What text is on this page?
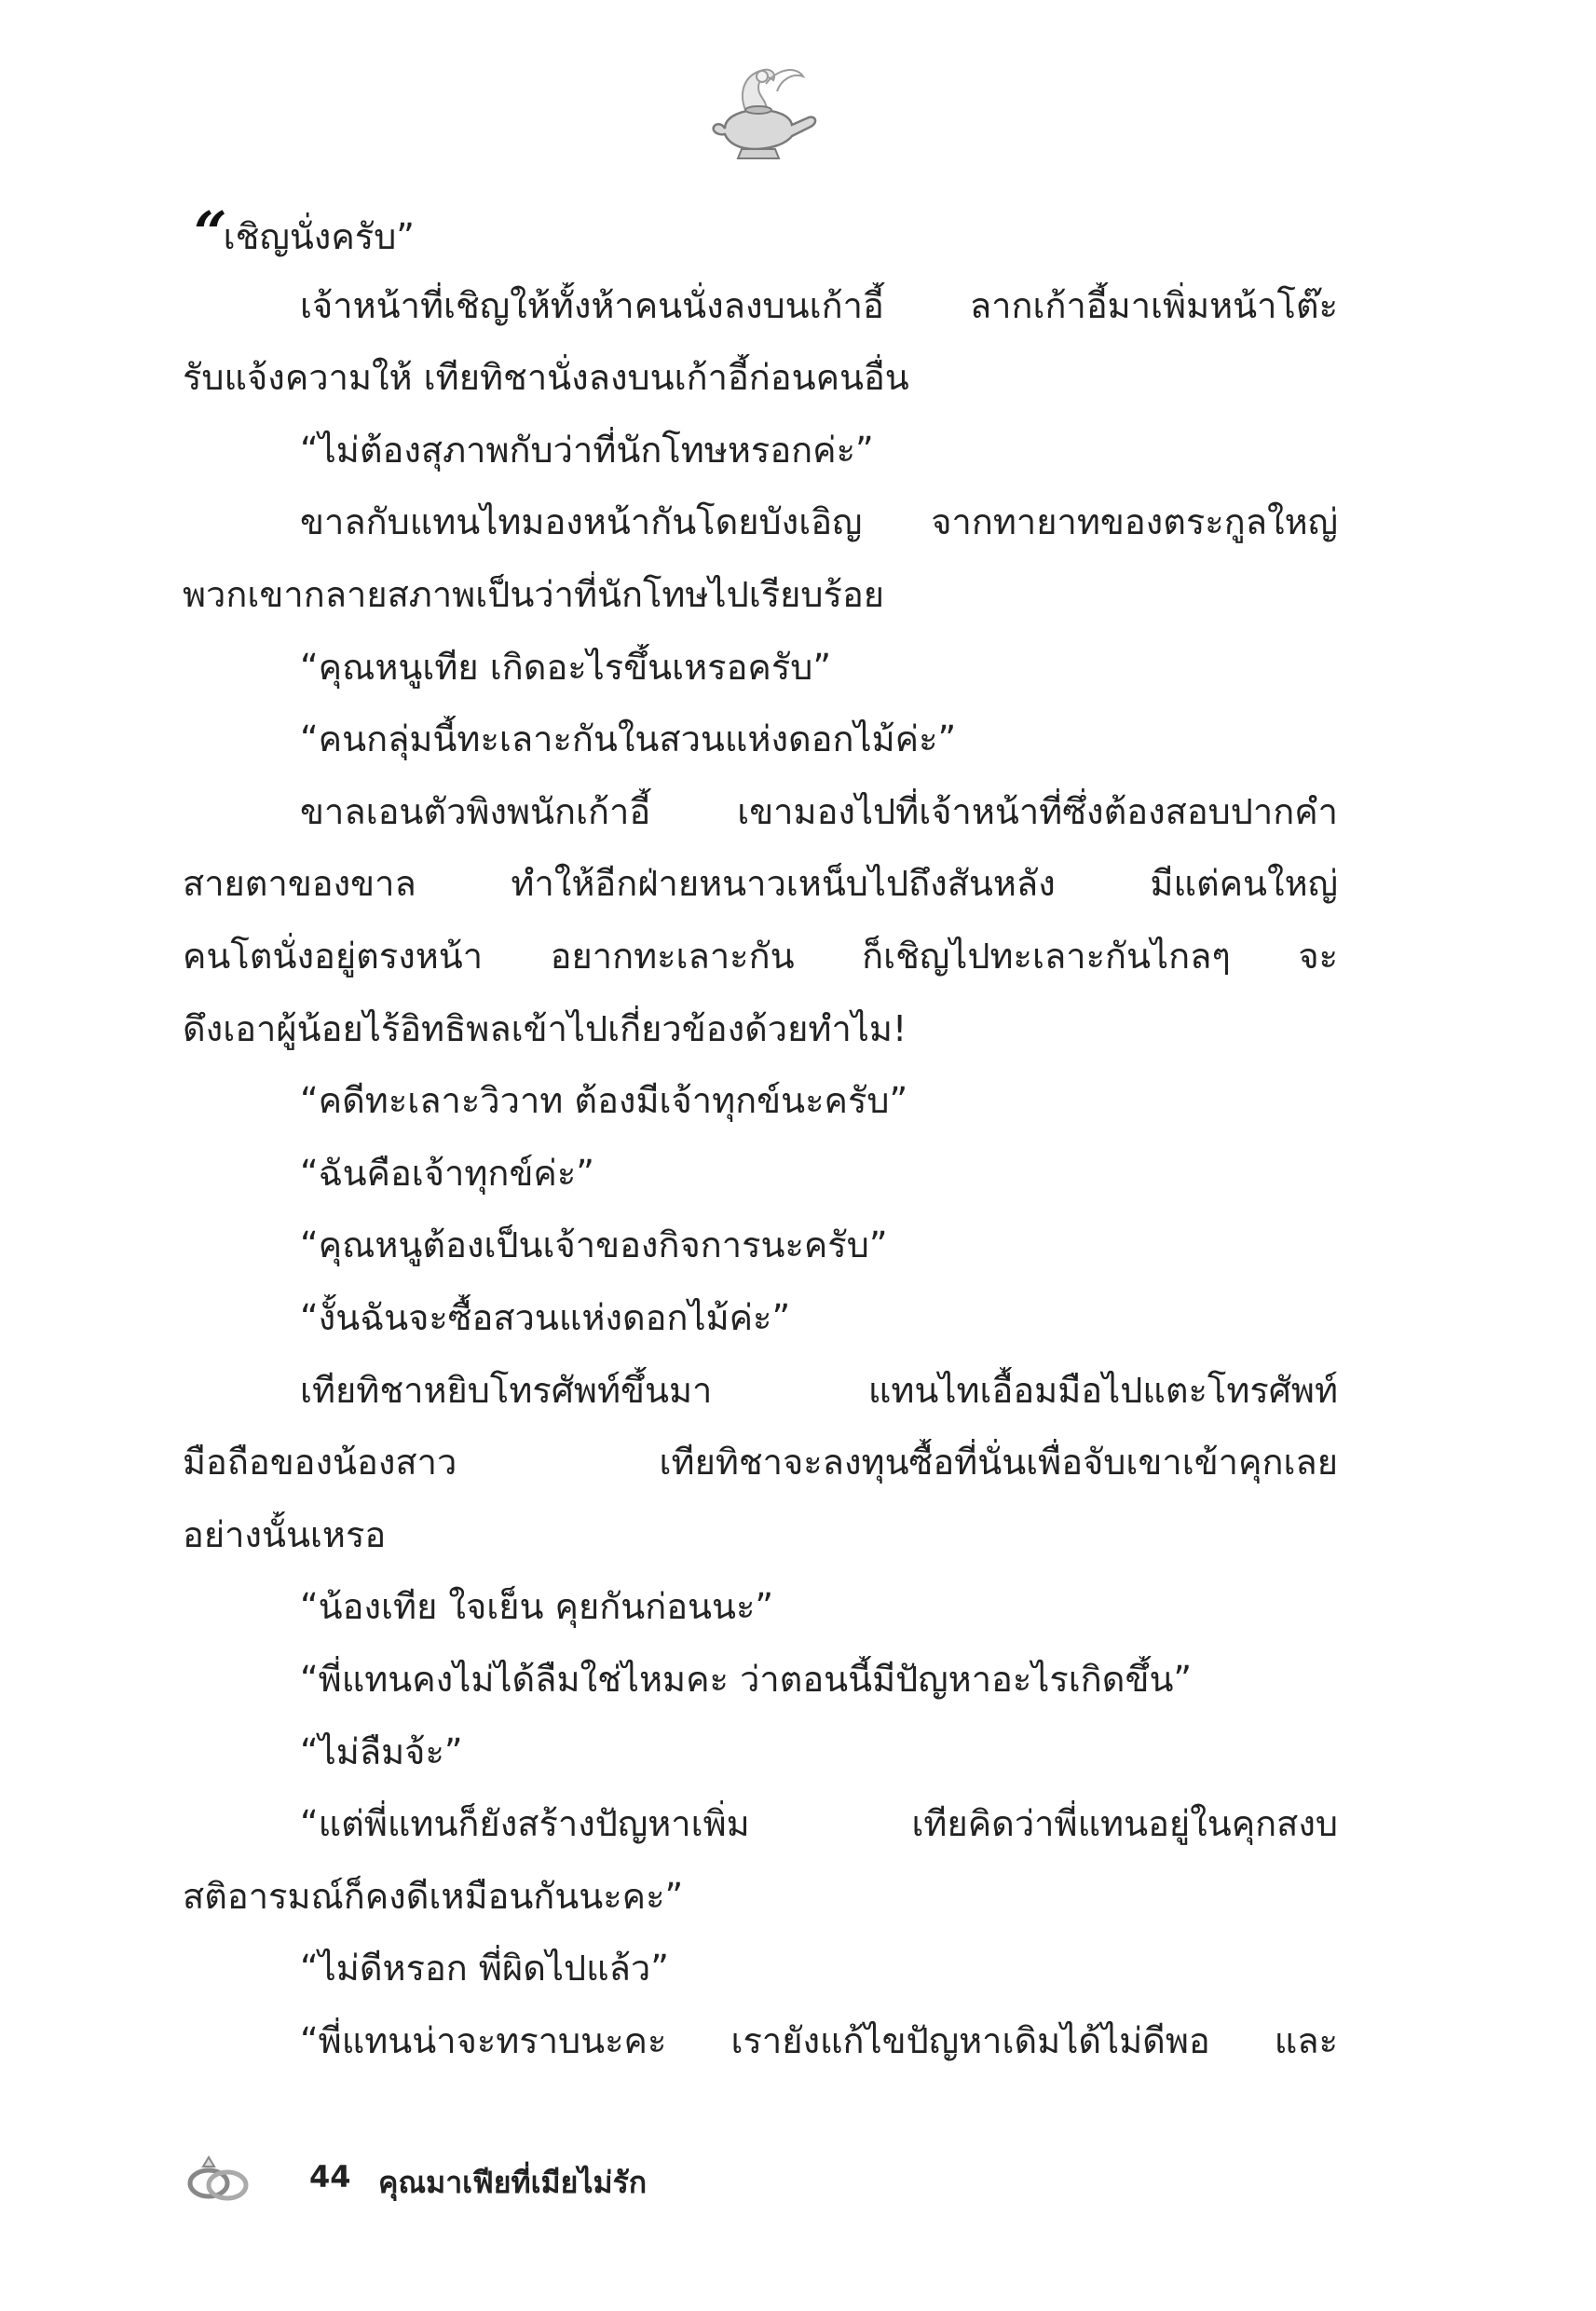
“เชิญนั่งครับ”
เจ้าหน้าที่เชิญให้ทั้งห้าคนนั่งลงบนเก้าอี้ ลากเก้าอี้มาเพิ่มหน้าโต๊ะ
รับแจ้งความให้ เทียทิชานั่งลงบนเก้าอี้ก่อนคนอื่น
“ไม่ต้องสุภาพกับว่าที่นักโทษหรอกค่ะ”
ขาลกับแทนไทมองหน้ากันโดยบังเอิญ จากทายาทของตระกูลใหญ่
พวกเขากลายสภาพเป็นว่าที่นักโทษไปเรียบร้อย
“คุณหนูเทีย เกิดอะไรขึ้นเหรอครับ”
“คนกลุ่มนี้ทะเลาะกันในสวนแห่งดอกไม้ค่ะ”
ขาลเอนตัวพิงพนักเก้าอี้ เขามองไปที่เจ้าหน้าที่ซึ่งต้องสอบปากคำ
สายตาของขาล ทำให้อีกฝ่ายหนาวเหน็บไปถึงสันหลัง มีแต่คนใหญ่
คนโตนั่งอยู่ตรงหน้า อยากทะเลาะกัน ก็เชิญไปทะเลาะกันไกลๆ จะ
ดึงเอาผู้น้อยไร้อิทธิพลเข้าไปเกี่ยวข้องด้วยทำไม!
“คดีทะเลาะวิวาท ต้องมีเจ้าทุกข์นะครับ”
“ฉันคือเจ้าทุกข์ค่ะ”
“คุณหนูต้องเป็นเจ้าของกิจการนะครับ”
“งั้นฉันจะซื้อสวนแห่งดอกไม้ค่ะ”
เทียทิชาหยิบโทรศัพท์ขึ้นมา แทนไทเอื้อมมือไปแตะโทรศัพท์
มือถือของน้องสาว เทียทิชาจะลงทุนซื้อที่นั่นเพื่อจับเขาเข้าคุกเลย
อย่างนั้นเหรอ
“น้องเทีย ใจเย็น คุยกันก่อนนะ”
“พี่แทนคงไม่ได้ลืมใช่ไหมคะ ว่าตอนนี้มีปัญหาอะไรเกิดขึ้น”
“ไม่ลืมจ้ะ”
“แต่พี่แทนก็ยังสร้างปัญหาเพิ่ม เทียคิดว่าพี่แทนอยู่ในคุกสงบ
สติอารมณ์ก็คงดีเหมือนกันนะคะ”
“ไม่ดีหรอก พี่ผิดไปแล้ว”
“พี่แทนน่าจะทราบนะคะ เรายังแก้ไขปัญหาเดิมได้ไม่ดีพอ และ
44 คุณมาเฟียที่เมียไม่รัก
